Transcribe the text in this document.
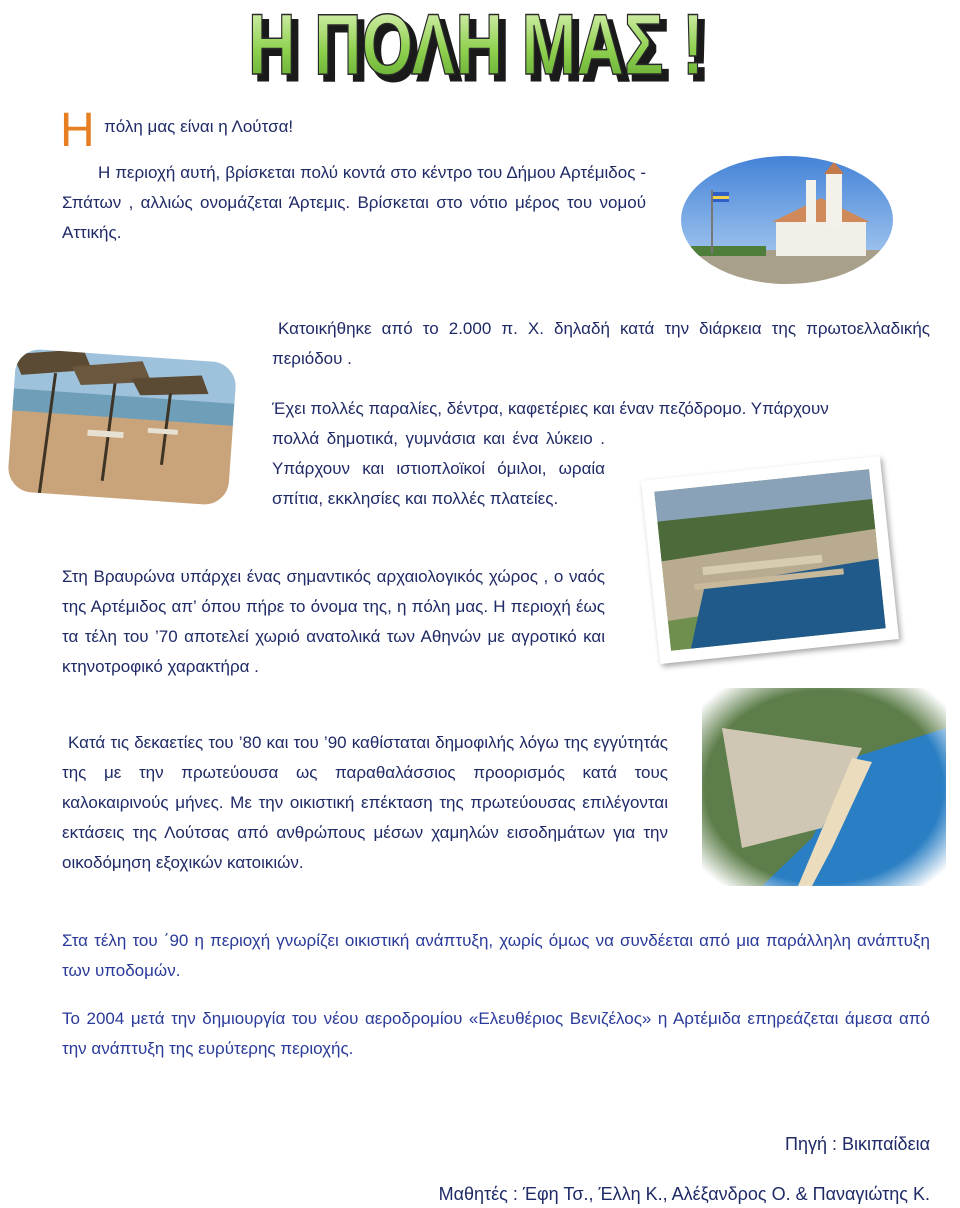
Η ΠΟΛΗ ΜΑΣ !
Η ΠΟΛΗ ΜΑΣ !
Η πόλη μας είναι η Λούτσα!

Η περιοχή αυτή, βρίσκεται πολύ κοντά στο κέντρο του Δήμου Αρτέμιδος - Σπάτων , αλλιώς ονομάζεται Άρτεμις. Βρίσκεται στο νότιο μέρος του νομού Αττικής.

Κατοικήθηκε από το 2.000 π. Χ. δηλαδή κατά την διάρκεια της πρωτοελλαδικής περιόδου .

Έχει πολλές παραλίες, δέντρα, καφετέριες και έναν πεζόδρομο. Υπάρχουν

πολλά δημοτικά, γυμνάσια και ένα λύκειο . Υπάρχουν και ιστιοπλοϊκοί όμιλοι, ωραία σπίτια, εκκλησίες και πολλές πλατείες.

Στη Βραυρώνα υπάρχει ένας σημαντικός αρχαιολογικός χώρος , ο ναός της Αρτέμιδος απ’ όπου πήρε το όνομα της, η πόλη μας. Η περιοχή έως τα τέλη του ’70 αποτελεί χωριό ανατολικά των Αθηνών με αγροτικό και κτηνοτροφικό χαρακτήρα .

Κατά τις δεκαετίες του ’80 και του ’90 καθίσταται δημοφιλής λόγω της εγγύτητάς της με την πρωτεύουσα ως παραθαλάσσιος προορισμός κατά τους καλοκαιρινούς μήνες. Με την οικιστική επέκταση της πρωτεύουσας επιλέγονται εκτάσεις της Λούτσας από ανθρώπους μέσων χαμηλών εισοδημάτων για την οικοδόμηση εξοχικών κατοικιών.

Στα τέλη του ΄90 η περιοχή γνωρίζει οικιστική ανάπτυξη, χωρίς όμως να συνδέεται από μια παράλληλη ανάπτυξη των υποδομών.

Το 2004 μετά την δημιουργία του νέου αεροδρομίου «Ελευθέριος Βενιζέλος» η Αρτέμιδα επηρεάζεται άμεσα από την ανάπτυξη της ευρύτερης περιοχής.

Πηγή : Βικιπαίδεια
Μαθητές : Έφη Τσ., Έλλη Κ., Αλέξανδρος Ο. & Παναγιώτης Κ.
